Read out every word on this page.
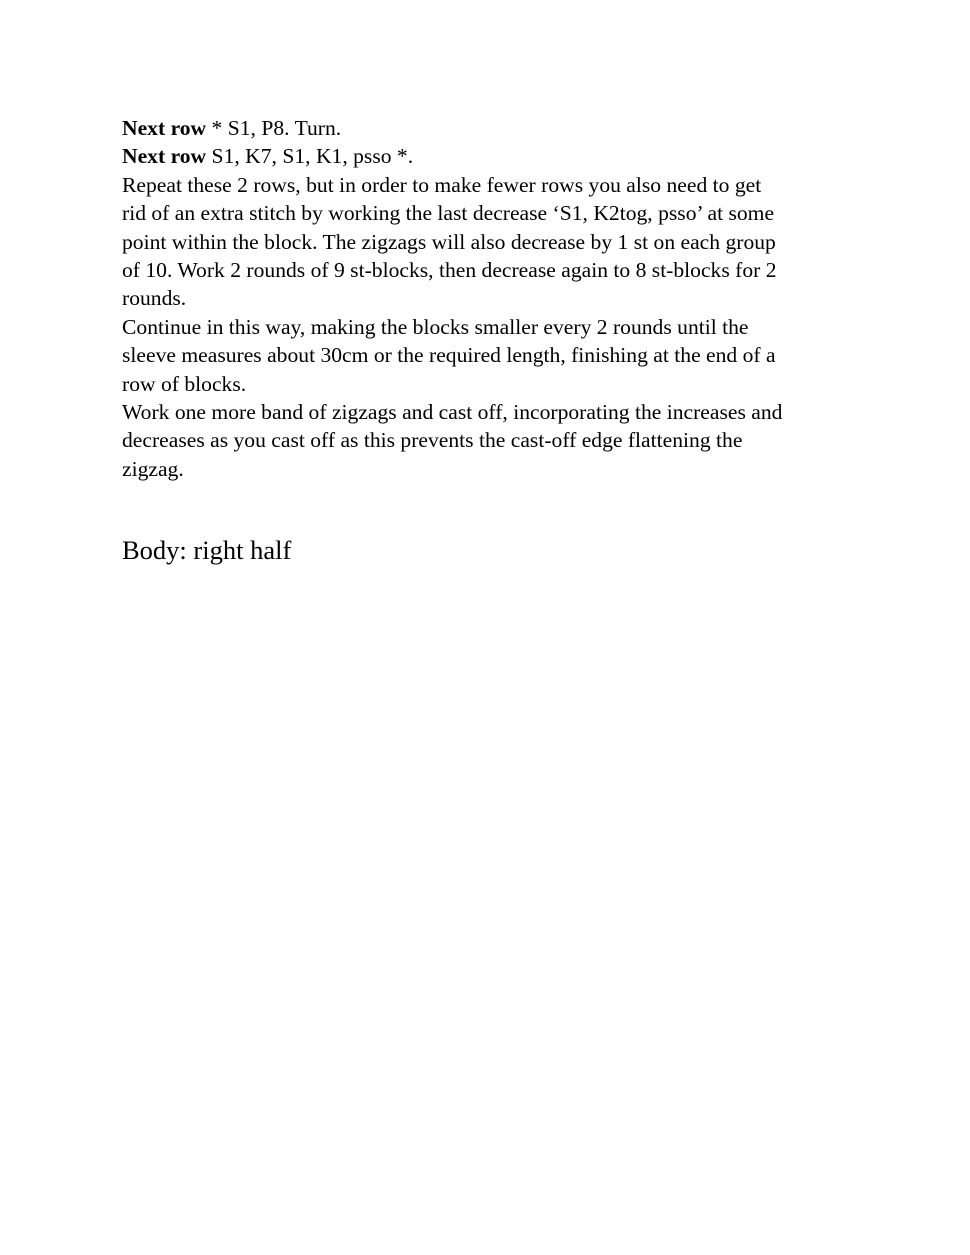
Next row * S1, P8. Turn.

Next row S1, K7, S1, K1, psso *.

Repeat these 2 rows, but in order to make fewer rows you also need to get

rid of an extra stitch by working the last decrease ‘S1, K2tog, psso’ at some

point within the block. The zigzags will also decrease by 1 st on each group

of 10. Work 2 rounds of 9 st-blocks, then decrease again to 8 st-blocks for 2

rounds.

Continue in this way, making the blocks smaller every 2 rounds until the

sleeve measures about 30cm or the required length, finishing at the end of a

row of blocks.

Work one more band of zigzags and cast off, incorporating the increases and

decreases as you cast off as this prevents the cast-off edge flattening the

zigzag.

Body: right half
